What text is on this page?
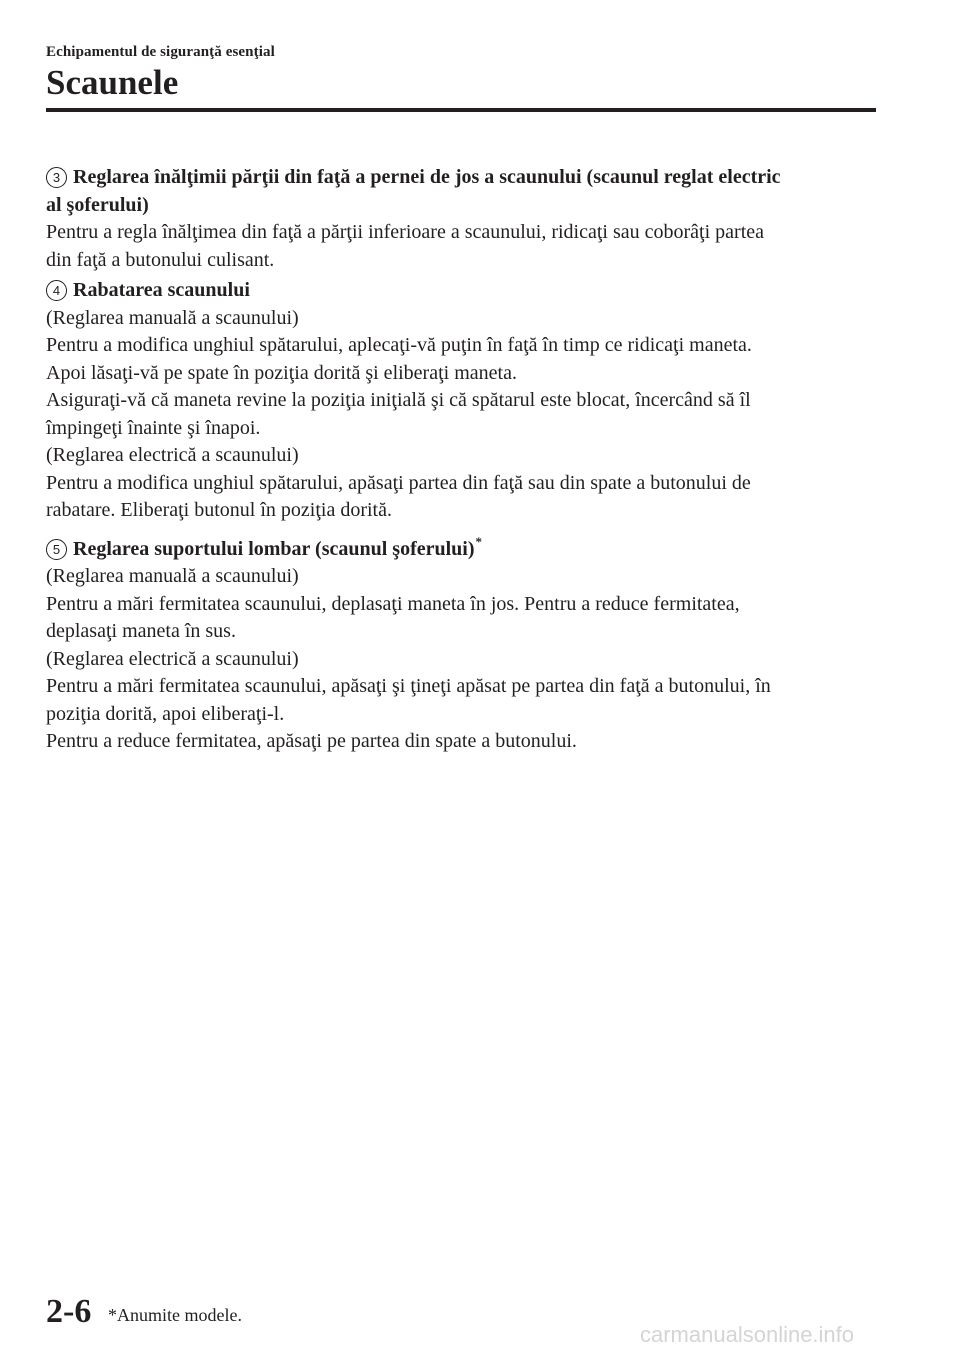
Echipamentul de siguranţă esenţial
Scaunele

3 Reglarea înălţimii părţii din faţă a pernei de jos a scaunului (scaunul reglat electric

al şoferului)

Pentru a regla înălţimea din faţă a părţii inferioare a scaunului, ridicaţi sau coborâţi partea

din faţă a butonului culisant.

4 Rabatarea scaunului

(Reglarea manuală a scaunului)

Pentru a modifica unghiul spătarului, aplecaţi-vă puţin în faţă în timp ce ridicaţi maneta.

Apoi lăsaţi-vă pe spate în poziţia dorită şi eliberaţi maneta.

Asiguraţi-vă că maneta revine la poziţia iniţială şi că spătarul este blocat, încercând să îl

împingeţi înainte şi înapoi.

(Reglarea electrică a scaunului)

Pentru a modifica unghiul spătarului, apăsaţi partea din faţă sau din spate a butonului de

rabatare. Eliberaţi butonul în poziţia dorită.

5 Reglarea suportului lombar (scaunul şoferului)*

(Reglarea manuală a scaunului)

Pentru a mări fermitatea scaunului, deplasaţi maneta în jos. Pentru a reduce fermitatea,

deplasaţi maneta în sus.

(Reglarea electrică a scaunului)

Pentru a mări fermitatea scaunului, apăsaţi şi ţineţi apăsat pe partea din faţă a butonului, în

poziţia dorită, apoi eliberaţi-l.

Pentru a reduce fermitatea, apăsaţi pe partea din spate a butonului.

2-6 *Anumite modele.
carmanualsonline.info
